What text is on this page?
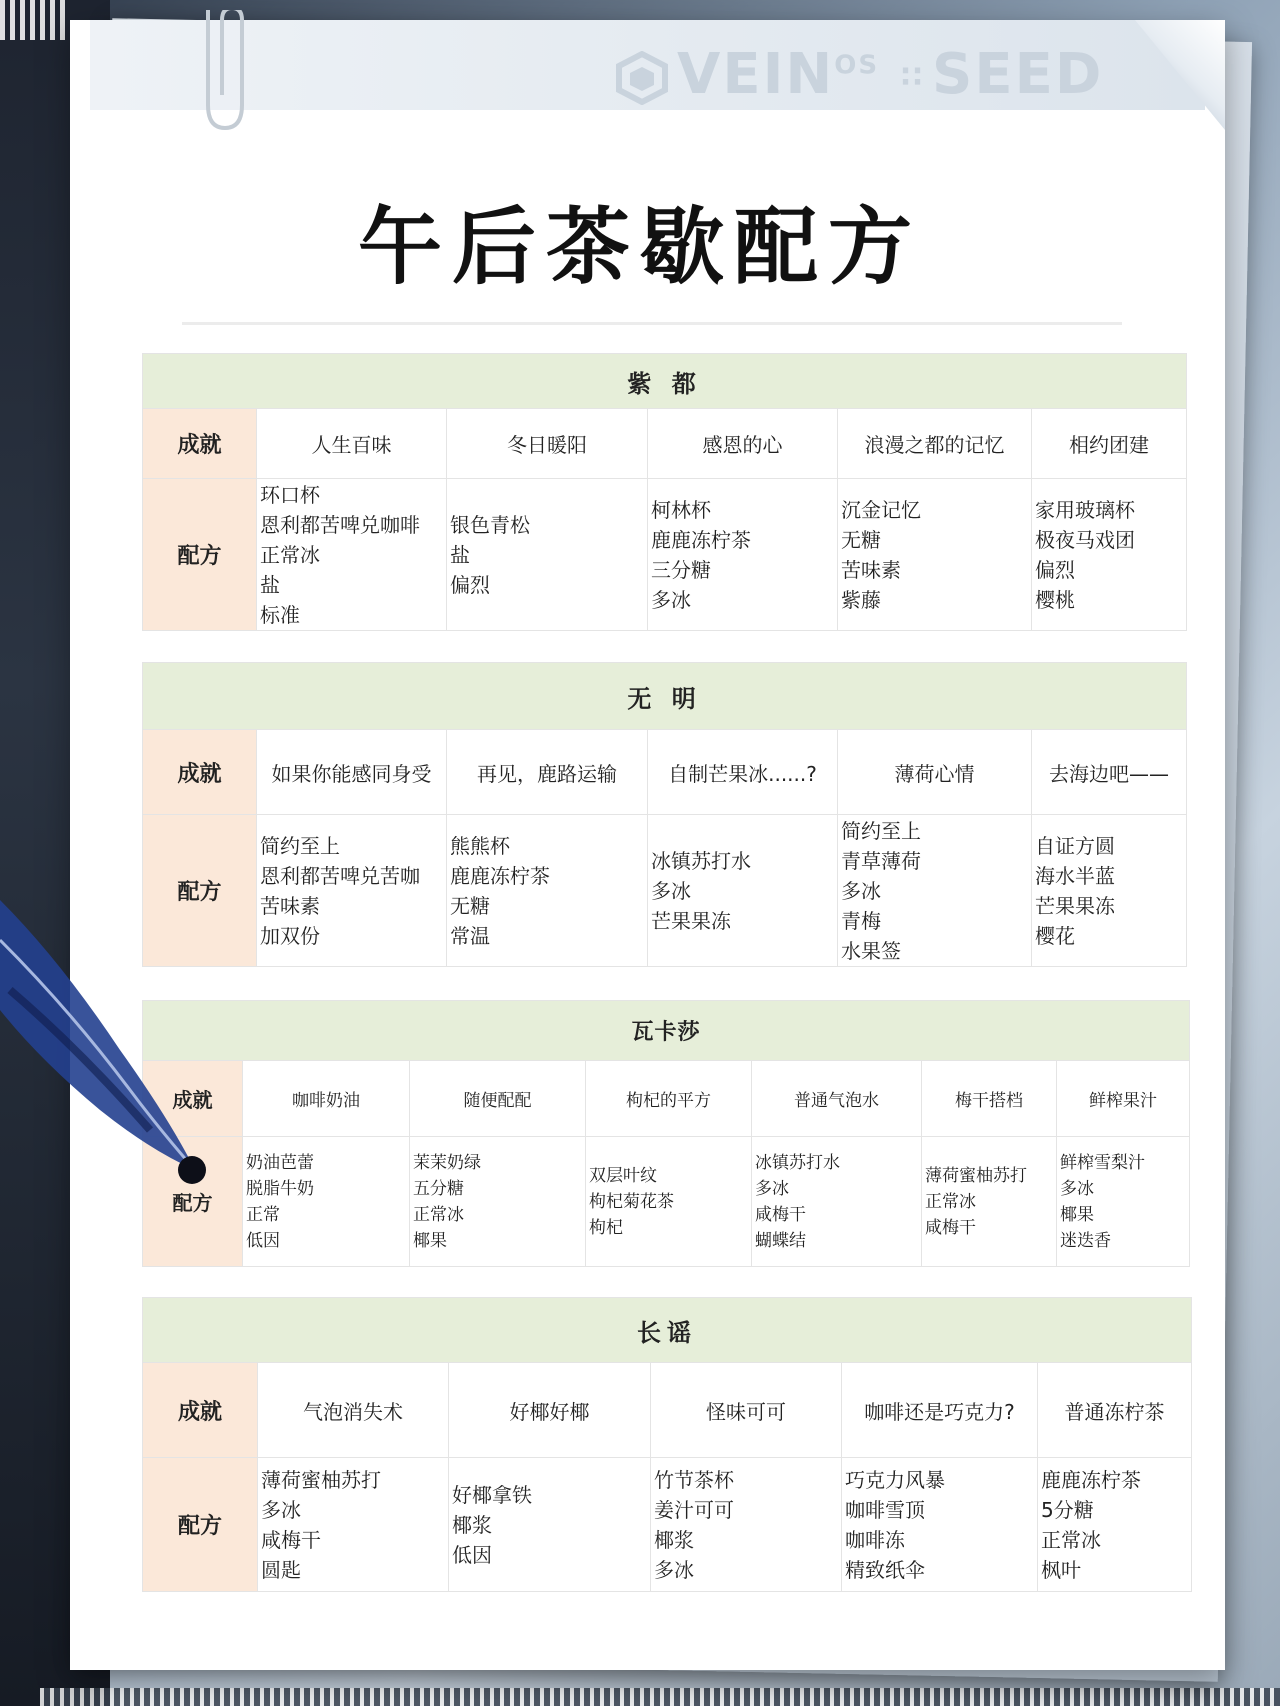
$VEIN^{OS}$ ∷ SEED
午后茶歇配方
紫 都					
成就	人生百味	冬日暖阳	感恩的心	浪漫之都的记忆	相约团建
配方	环口杯
恩利都苦啤兑咖啡
正常冰
盐
标准	银色青松
盐
偏烈	柯林杯
鹿鹿冻柠茶
三分糖
多冰	沉金记忆
无糖
苦味素
紫藤	家用玻璃杯
极夜马戏团
偏烈
樱桃
无 明					
成就	如果你能感同身受	再见，鹿路运输	自制芒果冰......?	薄荷心情	去海边吧——
配方	简约至上
恩利都苦啤兑苦咖
苦味素
加双份	熊熊杯
鹿鹿冻柠茶
无糖
常温	冰镇苏打水
多冰
芒果果冻	简约至上
青草薄荷
多冰
青梅
水果签	自证方圆
海水半蓝
芒果果冻
樱花
瓦卡莎						
成就	咖啡奶油	随便配配	枸杞的平方	普通气泡水	梅干搭档	鲜榨果汁
配方	奶油芭蕾
脱脂牛奶
正常
低因	茉茉奶绿
五分糖
正常冰
椰果	双层叶纹
枸杞菊花茶
枸杞	冰镇苏打水
多冰
咸梅干
蝴蝶结	薄荷蜜柚苏打
正常冰
咸梅干	鲜榨雪梨汁
多冰
椰果
迷迭香
长谣					
成就	气泡消失术	好椰好椰	怪味可可	咖啡还是巧克力?	普通冻柠茶
配方	薄荷蜜柚苏打
多冰
咸梅干
圆匙	好椰拿铁
椰浆
低因	竹节茶杯
姜汁可可
椰浆
多冰	巧克力风暴
咖啡雪顶
咖啡冻
精致纸伞	鹿鹿冻柠茶
5分糖
正常冰
枫叶
